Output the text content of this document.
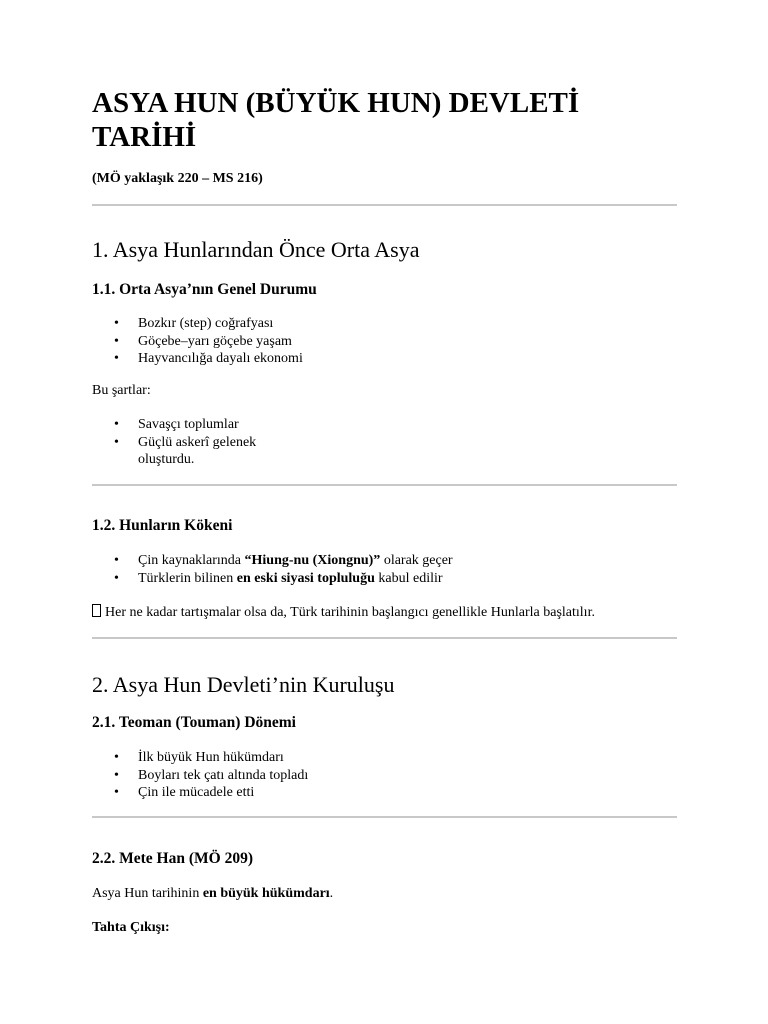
ASYA HUN (BÜYÜK HUN) DEVLETİ TARİHİ

(MÖ yaklaşık 220 – MS 216)

1. Asya Hunlarından Önce Orta Asya
1.1. Orta Asya’nın Genel Durumu
• Bozkır (step) coğrafyası
• Göçebe–yarı göçebe yaşam
• Hayvancılığa dayalı ekonomi

Bu şartlar:

• Savaşçı toplumlar
• Güçlü askerî gelenek oluşturdu.
1.2. Hunların Kökeni
• Çin kaynaklarında “Hiung-nu (Xiongnu)” olarak geçer
• Türklerin bilinen en eski siyasi topluluğu kabul edilir

Her ne kadar tartışmalar olsa da, Türk tarihinin başlangıcı genellikle Hunlarla başlatılır.

2. Asya Hun Devleti’nin Kuruluşu
2.1. Teoman (Touman) Dönemi
• İlk büyük Hun hükümdarı
• Boyları tek çatı altında topladı
• Çin ile mücadele etti
2.2. Mete Han (MÖ 209)

Asya Hun tarihinin en büyük hükümdarı.

Tahta Çıkışı:
